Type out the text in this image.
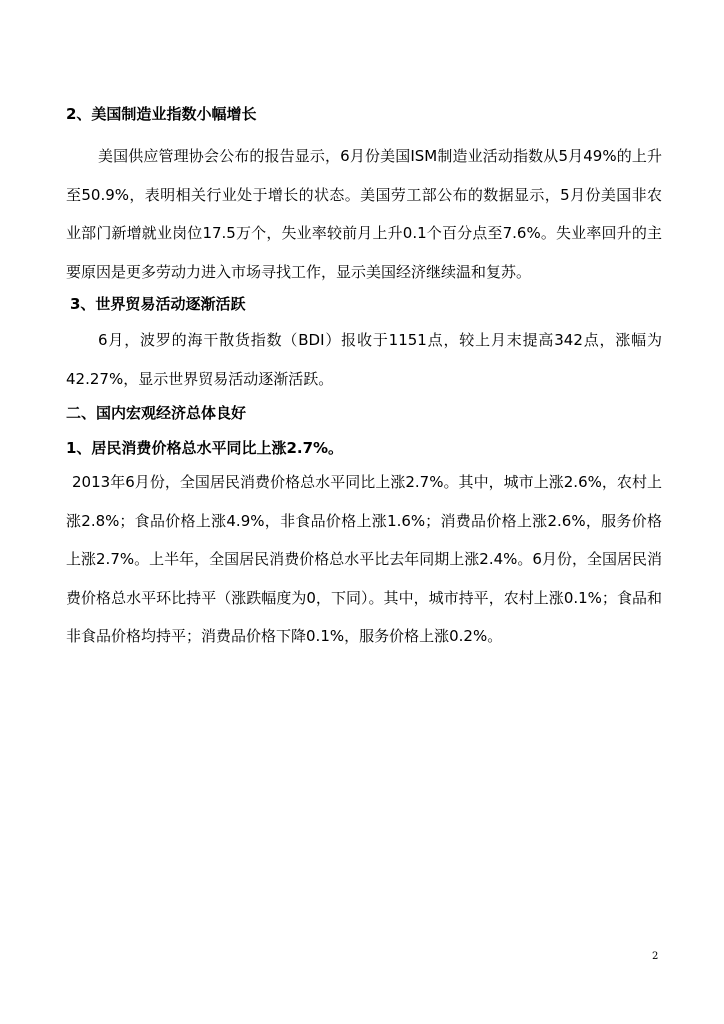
2、美国制造业指数小幅增长

美国供应管理协会公布的报告显示，6月份美国ISM制造业活动指数从5月49%的上升至50.9%，表明相关行业处于增长的状态。美国劳工部公布的数据显示，5月份美国非农业部门新增就业岗位17.5万个，失业率较前月上升0.1个百分点至7.6%。失业率回升的主要原因是更多劳动力进入市场寻找工作，显示美国经济继续温和复苏。

3、世界贸易活动逐渐活跃

6月，波罗的海干散货指数（BDI）报收于1151点，较上月末提高342点，涨幅为42.27%，显示世界贸易活动逐渐活跃。

二、国内宏观经济总体良好

1、居民消费价格总水平同比上涨2.7%。

2013年6月份，全国居民消费价格总水平同比上涨2.7%。其中，城市上涨2.6%，农村上涨2.8%；食品价格上涨4.9%，非食品价格上涨1.6%；消费品价格上涨2.6%，服务价格上涨2.7%。上半年，全国居民消费价格总水平比去年同期上涨2.4%。6月份，全国居民消费价格总水平环比持平（涨跌幅度为0，下同）。其中，城市持平，农村上涨0.1%；食品和非食品价格均持平；消费品价格下降0.1%，服务价格上涨0.2%。

2
